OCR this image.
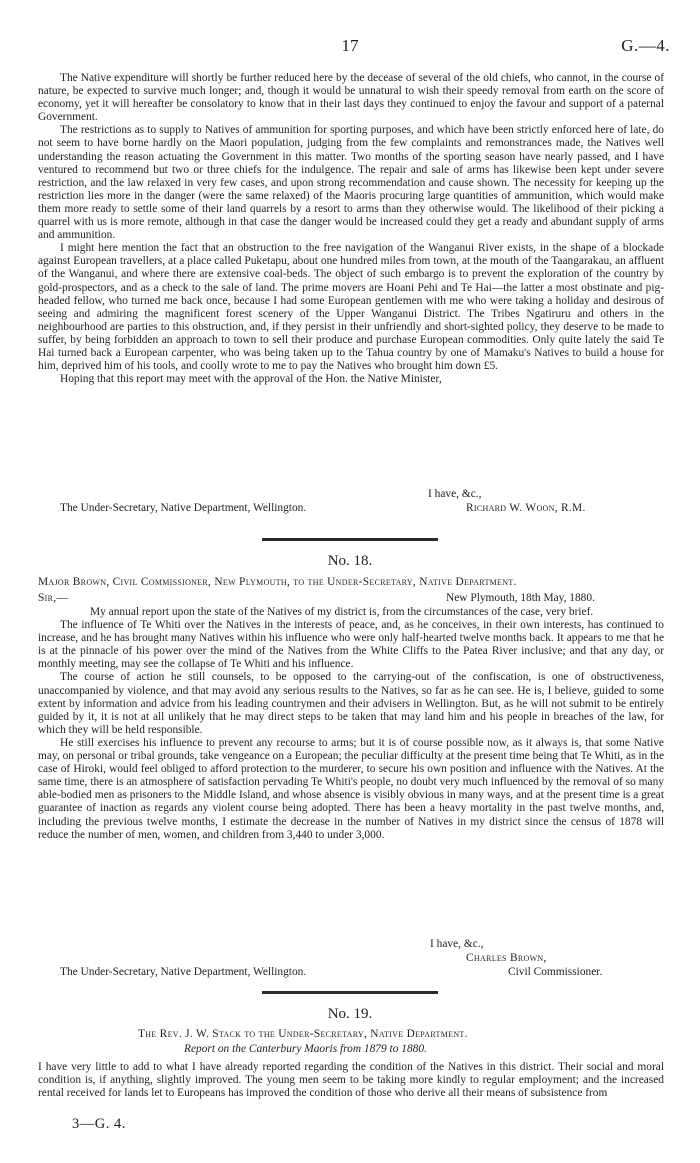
17	G.—4.

The Native expenditure will shortly be further reduced here by the decease of several of the old chiefs, who cannot, in the course of nature, be expected to survive much longer; and, though it would be unnatural to wish their speedy removal from earth on the score of economy, yet it will hereafter be consolatory to know that in their last days they continued to enjoy the favour and support of a paternal Government.

The restrictions as to supply to Natives of ammunition for sporting purposes, and which have been strictly enforced here of late, do not seem to have borne hardly on the Maori population, judging from the few complaints and remonstrances made, the Natives well understanding the reason actuating the Government in this matter. Two months of the sporting season have nearly passed, and I have ventured to recommend but two or three chiefs for the indulgence. The repair and sale of arms has likewise been kept under severe restriction, and the law relaxed in very few cases, and upon strong recommendation and cause shown. The necessity for keeping up the restriction lies more in the danger (were the same relaxed) of the Maoris procuring large quantities of ammunition, which would make them more ready to settle some of their land quarrels by a resort to arms than they otherwise would. The likelihood of their picking a quarrel with us is more remote, although in that case the danger would be increased could they get a ready and abundant supply of arms and ammunition.

I might here mention the fact that an obstruction to the free navigation of the Wanganui River exists, in the shape of a blockade against European travellers, at a place called Puketapu, about one hundred miles from town, at the mouth of the Taangarakau, an affluent of the Wanganui, and where there are extensive coal-beds. The object of such embargo is to prevent the exploration of the country by gold-prospectors, and as a check to the sale of land. The prime movers are Hoani Pehi and Te Hai—the latter a most obstinate and pig-headed fellow, who turned me back once, because I had some European gentlemen with me who were taking a holiday and desirous of seeing and admiring the magnificent forest scenery of the Upper Wanganui District. The Tribes Ngatiruru and others in the neighbourhood are parties to this obstruction, and, if they persist in their unfriendly and short-sighted policy, they deserve to be made to suffer, by being forbidden an approach to town to sell their produce and purchase European commodities. Only quite lately the said Te Hai turned back a European carpenter, who was being taken up to the Tahua country by one of Mamaku's Natives to build a house for him, deprived him of his tools, and coolly wrote to me to pay the Natives who brought him down £5.

Hoping that this report may meet with the approval of the Hon. the Native Minister,

I have, &c.,
The Under-Secretary, Native Department, Wellington.	Richard W. Woon, R.M.
No. 18.
Major Brown, Civil Commissioner, New Plymouth, to the Under-Secretary, Native Department.
Sir,—	New Plymouth, 18th May, 1880.

My annual report upon the state of the Natives of my district is, from the circumstances of the case, very brief.

The influence of Te Whiti over the Natives in the interests of peace, and, as he conceives, in their own interests, has continued to increase, and he has brought many Natives within his influence who were only half-hearted twelve months back. It appears to me that he is at the pinnacle of his power over the mind of the Natives from the White Cliffs to the Patea River inclusive; and that any day, or monthly meeting, may see the collapse of Te Whiti and his influence.

The course of action he still counsels, to be opposed to the carrying-out of the confiscation, is one of obstructiveness, unaccompanied by violence, and that may avoid any serious results to the Natives, so far as he can see. He is, I believe, guided to some extent by information and advice from his leading countrymen and their advisers in Wellington. But, as he will not submit to be entirely guided by it, it is not at all unlikely that he may direct steps to be taken that may land him and his people in breaches of the law, for which they will be held responsible.

He still exercises his influence to prevent any recourse to arms; but it is of course possible now, as it always is, that some Native may, on personal or tribal grounds, take vengeance on a European; the peculiar difficulty at the present time being that Te Whiti, as in the case of Hiroki, would feel obliged to afford protection to the murderer, to secure his own position and influence with the Natives. At the same time, there is an atmosphere of satisfaction pervading Te Whiti's people, no doubt very much influenced by the removal of so many able-bodied men as prisoners to the Middle Island, and whose absence is visibly obvious in many ways, and at the present time is a great guarantee of inaction as regards any violent course being adopted. There has been a heavy mortality in the past twelve months, and, including the previous twelve months, I estimate the decrease in the number of Natives in my district since the census of 1878 will reduce the number of men, women, and children from 3,440 to under 3,000.

I have, &c.,
Charles Brown,
The Under-Secretary, Native Department, Wellington.	Civil Commissioner.
No. 19.
The Rev. J. W. Stack to the Under-Secretary, Native Department.
Report on the Canterbury Maoris from 1879 to 1880.

I have very little to add to what I have already reported regarding the condition of the Natives in this district. Their social and moral condition is, if anything, slightly improved. The young men seem to be taking more kindly to regular employment; and the increased rental received for lands let to Europeans has improved the condition of those who derive all their means of subsistence from

3—G. 4.
